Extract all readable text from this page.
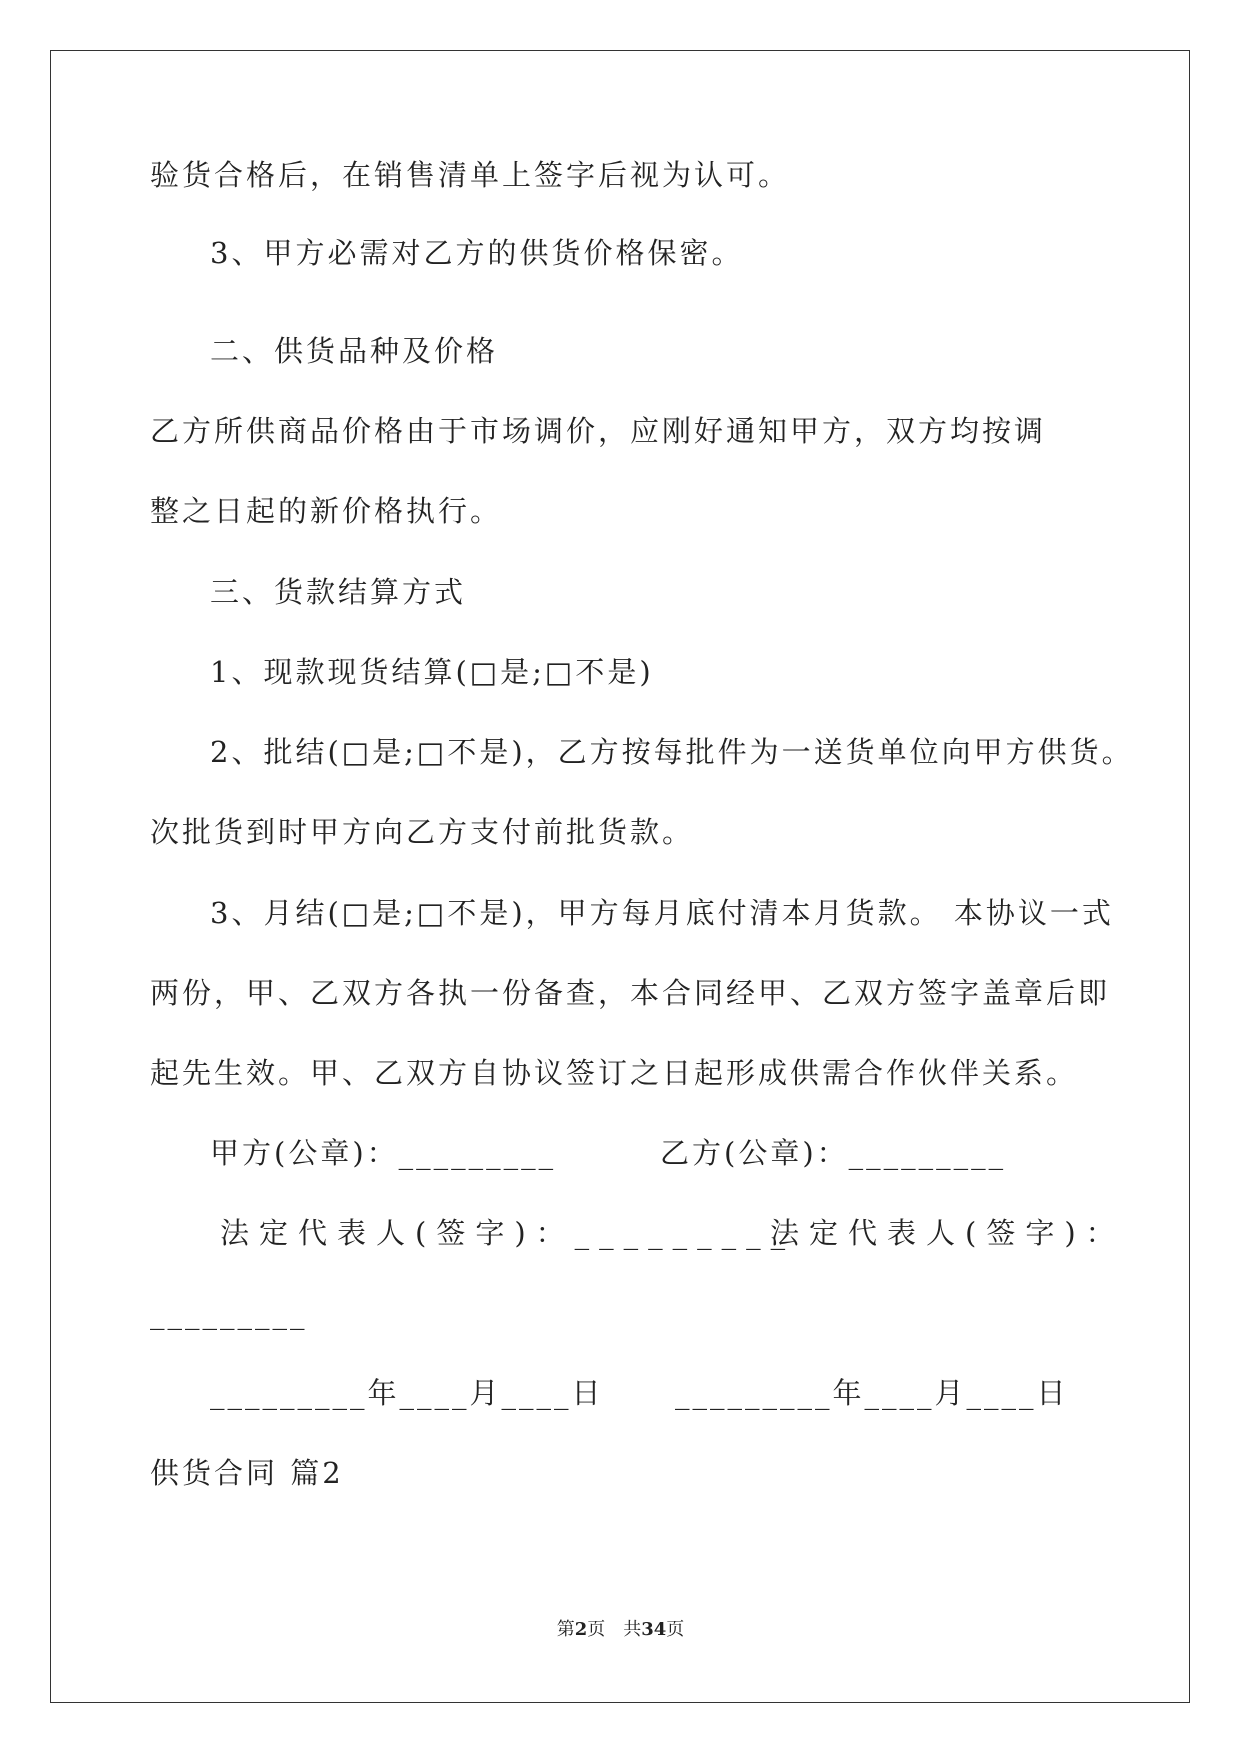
验货合格后，在销售清单上签字后视为认可。
3、甲方必需对乙方的供货价格保密。
二、供货品种及价格
乙方所供商品价格由于市场调价，应刚好通知甲方，双方均按调
整之日起的新价格执行。
三、货款结算方式
1、现款现货结算(□是;□不是)
2、批结(□是;□不是)，乙方按每批件为一送货单位向甲方供货。
次批货到时甲方向乙方支付前批货款。
3、月结(□是;□不是)，甲方每月底付清本月货款。 本协议一式
两份，甲、乙双方各执一份备查，本合同经甲、乙双方签字盖章后即
起先生效。甲、乙双方自协议签订之日起形成供需合作伙伴关系。
甲方(公章)：_________	乙方(公章)：_________
法定代表人(签字)：_________
法定代表人(签字)：
_________
_________年____月____日 _________年____月____日
供货合同 篇2
第2页　共34页
